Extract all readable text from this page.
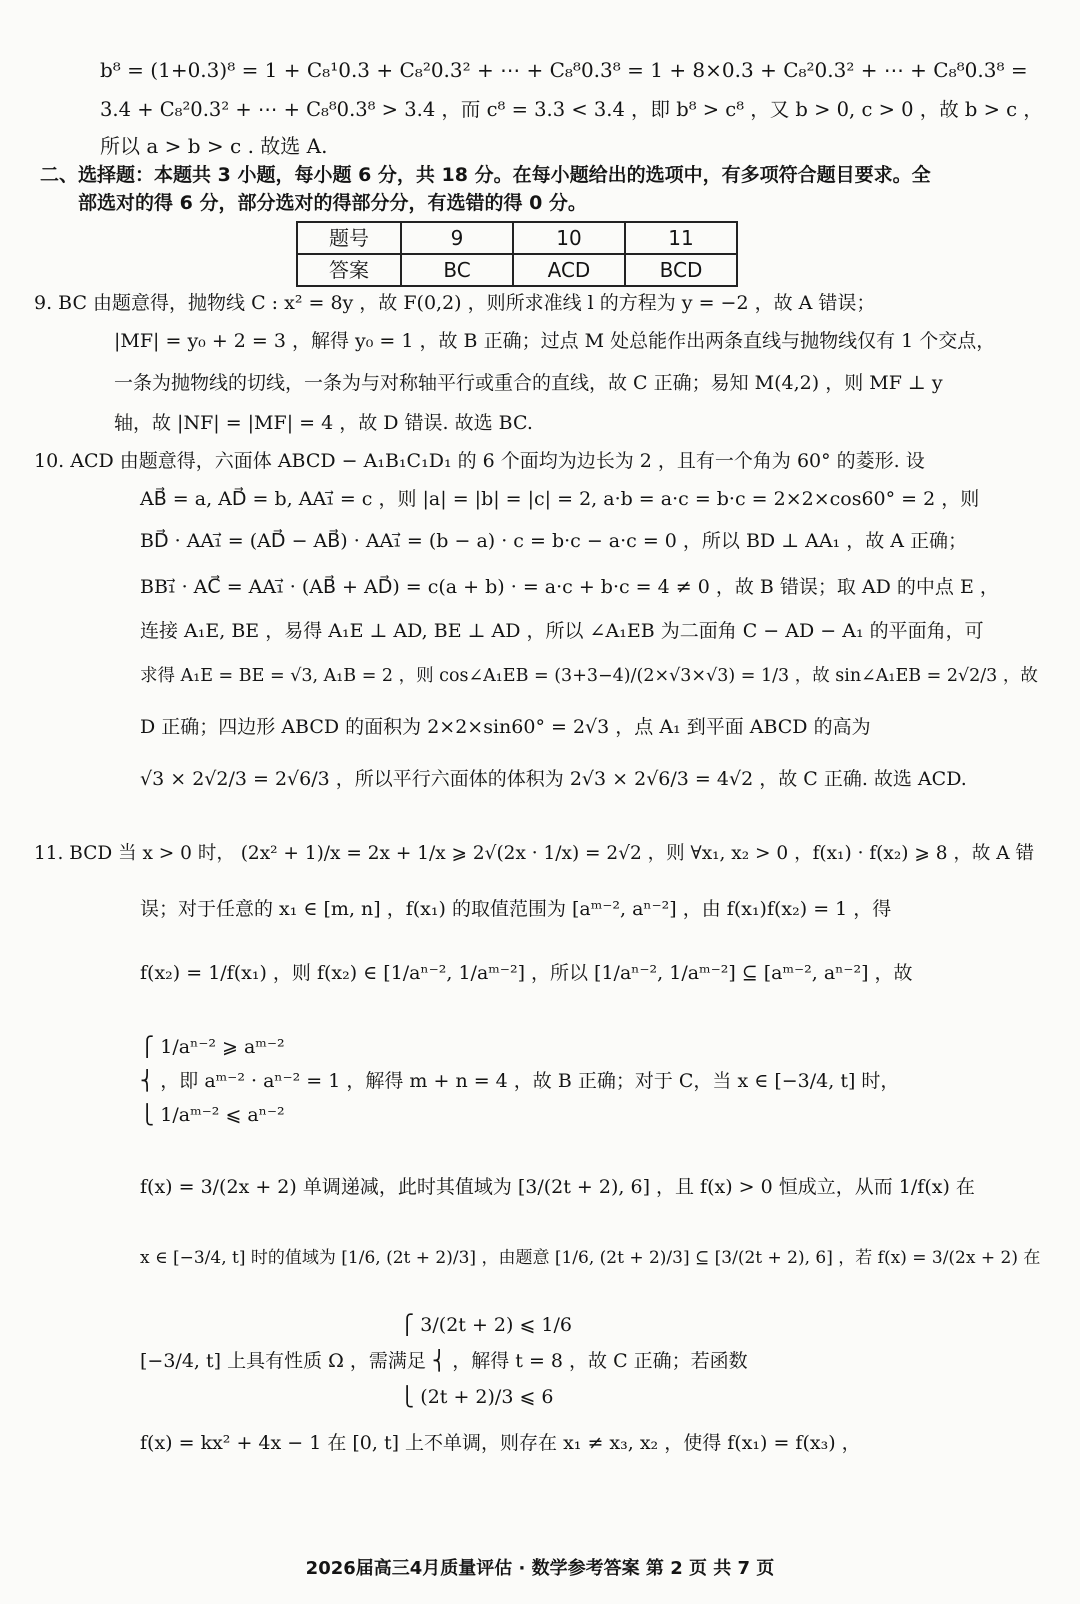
b⁸ = (1+0.3)⁸ = 1 + C₈¹0.3 + C₈²0.3² + ⋯ + C₈⁸0.3⁸ = 1 + 8×0.3 + C₈²0.3² + ⋯ + C₈⁸0.3⁸ =
3.4 + C₈²0.3² + ⋯ + C₈⁸0.3⁸ > 3.4 ，而 c⁸ = 3.3 < 3.4 ，即 b⁸ > c⁸ ，又 b > 0, c > 0 ，故 b > c ，
所以 a > b > c . 故选 A.
二、选择题：本题共 3 小题，每小题 6 分，共 18 分。在每小题给出的选项中，有多项符合题目要求。全
部选对的得 6 分，部分选对的得部分分，有选错的得 0 分。
题号	9	10	11
答案	BC	ACD	BCD
9. BC 由题意得，抛物线 C : x² = 8y ，故 F(0,2) ，则所求准线 l 的方程为 y = −2 ，故 A 错误；
|MF| = y₀ + 2 = 3 ，解得 y₀ = 1 ，故 B 正确；过点 M 处总能作出两条直线与抛物线仅有 1 个交点，
一条为抛物线的切线，一条为与对称轴平行或重合的直线，故 C 正确；易知 M(4,2) ，则 MF ⊥ y
轴，故 |NF| = |MF| = 4 ，故 D 错误. 故选 BC.
10. ACD 由题意得，六面体 ABCD − A₁B₁C₁D₁ 的 6 个面均为边长为 2 ，且有一个角为 60° 的菱形. 设
AB⃗ = a, AD⃗ = b, AA₁⃗ = c ，则 |a| = |b| = |c| = 2, a·b = a·c = b·c = 2×2×cos60° = 2 ，则
BD⃗ · AA₁⃗ = (AD⃗ − AB⃗) · AA₁⃗ = (b − a) · c = b·c − a·c = 0 ，所以 BD ⊥ AA₁ ，故 A 正确；
BB₁⃗ · AC⃗ = AA₁⃗ · (AB⃗ + AD⃗) = c(a + b) · = a·c + b·c = 4 ≠ 0 ，故 B 错误；取 AD 的中点 E ，
连接 A₁E, BE ，易得 A₁E ⊥ AD, BE ⊥ AD ，所以 ∠A₁EB 为二面角 C − AD − A₁ 的平面角，可
求得 A₁E = BE = √3, A₁B = 2 ，则 cos∠A₁EB = (3+3−4)/(2×√3×√3) = 1/3 ，故 sin∠A₁EB = 2√2/3 ，故
D 正确；四边形 ABCD 的面积为 2×2×sin60° = 2√3 ，点 A₁ 到平面 ABCD 的高为
√3 × 2√2/3 = 2√6/3 ，所以平行六面体的体积为 2√3 × 2√6/3 = 4√2 ，故 C 正确. 故选 ACD.
11. BCD 当 x > 0 时， (2x² + 1)/x = 2x + 1/x ⩾ 2√(2x · 1/x) = 2√2 ，则 ∀x₁, x₂ > 0 ，f(x₁) · f(x₂) ⩾ 8 ，故 A 错
误；对于任意的 x₁ ∈ [m, n] ，f(x₁) 的取值范围为 [aᵐ⁻², aⁿ⁻²] ，由 f(x₁)f(x₂) = 1 ，得
f(x₂) = 1/f(x₁) ，则 f(x₂) ∈ [1/aⁿ⁻², 1/aᵐ⁻²] ，所以 [1/aⁿ⁻², 1/aᵐ⁻²] ⊆ [aᵐ⁻², aⁿ⁻²] ，故
⎧ 1/aⁿ⁻² ⩾ aᵐ⁻²
⎨ ，即 aᵐ⁻² · aⁿ⁻² = 1 ，解得 m + n = 4 ，故 B 正确；对于 C，当 x ∈ [−3/4, t] 时，
⎩ 1/aᵐ⁻² ⩽ aⁿ⁻²
f(x) = 3/(2x + 2) 单调递减，此时其值域为 [3/(2t + 2), 6] ，且 f(x) > 0 恒成立，从而 1/f(x) 在
x ∈ [−3/4, t] 时的值域为 [1/6, (2t + 2)/3] ，由题意 [1/6, (2t + 2)/3] ⊆ [3/(2t + 2), 6] ，若 f(x) = 3/(2x + 2) 在
⎧ 3/(2t + 2) ⩽ 1/6
[−3/4, t] 上具有性质 Ω ，需满足 ⎨ ，解得 t = 8 ，故 C 正确；若函数
⎩ (2t + 2)/3 ⩽ 6
f(x) = kx² + 4x − 1 在 [0, t] 上不单调，则存在 x₁ ≠ x₃, x₂ ，使得 f(x₁) = f(x₃) ，
2026届高三4月质量评估 · 数学参考答案 第 2 页 共 7 页
